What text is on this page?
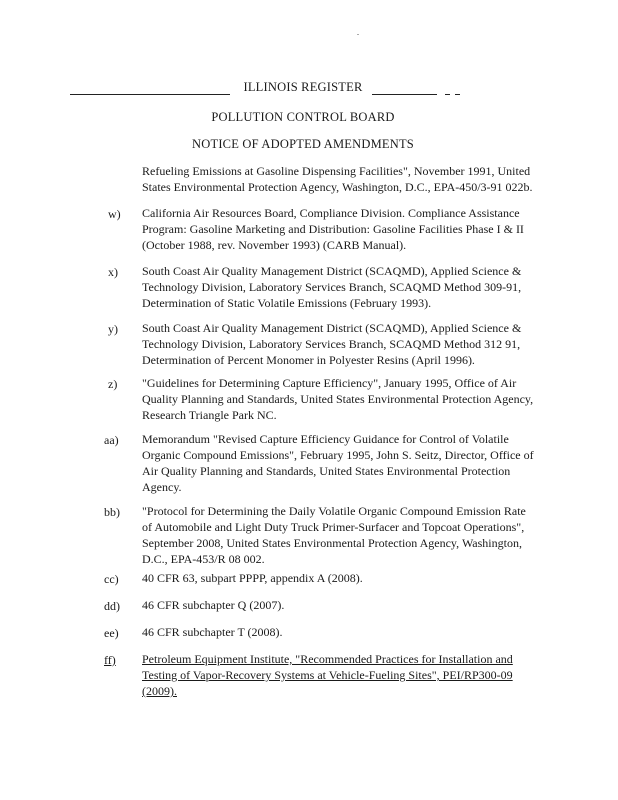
.
ILLINOIS REGISTER
POLLUTION CONTROL BOARD
NOTICE OF ADOPTED AMENDMENTS

Refueling Emissions at Gasoline Dispensing Facilities", November 1991, United

States Environmental Protection Agency, Washington, D.C., EPA-450/3-91 022b.

w) California Air Resources Board, Compliance Division. Compliance Assistance

Program: Gasoline Marketing and Distribution: Gasoline Facilities Phase I & II

(October 1988, rev. November 1993) (CARB Manual).

x) South Coast Air Quality Management District (SCAQMD), Applied Science &

Technology Division, Laboratory Services Branch, SCAQMD Method 309-91,

Determination of Static Volatile Emissions (February 1993).

y) South Coast Air Quality Management District (SCAQMD), Applied Science &

Technology Division, Laboratory Services Branch, SCAQMD Method 312 91,

Determination of Percent Monomer in Polyester Resins (April 1996).

z) "Guidelines for Determining Capture Efficiency", January 1995, Office of Air

Quality Planning and Standards, United States Environmental Protection Agency,

Research Triangle Park NC.

aa) Memorandum "Revised Capture Efficiency Guidance for Control of Volatile

Organic Compound Emissions", February 1995, John S. Seitz, Director, Office of

Air Quality Planning and Standards, United States Environmental Protection

Agency.

bb) "Protocol for Determining the Daily Volatile Organic Compound Emission Rate

of Automobile and Light Duty Truck Primer-Surfacer and Topcoat Operations",

September 2008, United States Environmental Protection Agency, Washington,

D.C., EPA-453/R 08 002.

cc) 40 CFR 63, subpart PPPP, appendix A (2008).

dd) 46 CFR subchapter Q (2007).

ee) 46 CFR subchapter T (2008).

ff) Petroleum Equipment Institute, "Recommended Practices for Installation and

Testing of Vapor-Recovery Systems at Vehicle-Fueling Sites", PEI/RP300-09

(2009).
